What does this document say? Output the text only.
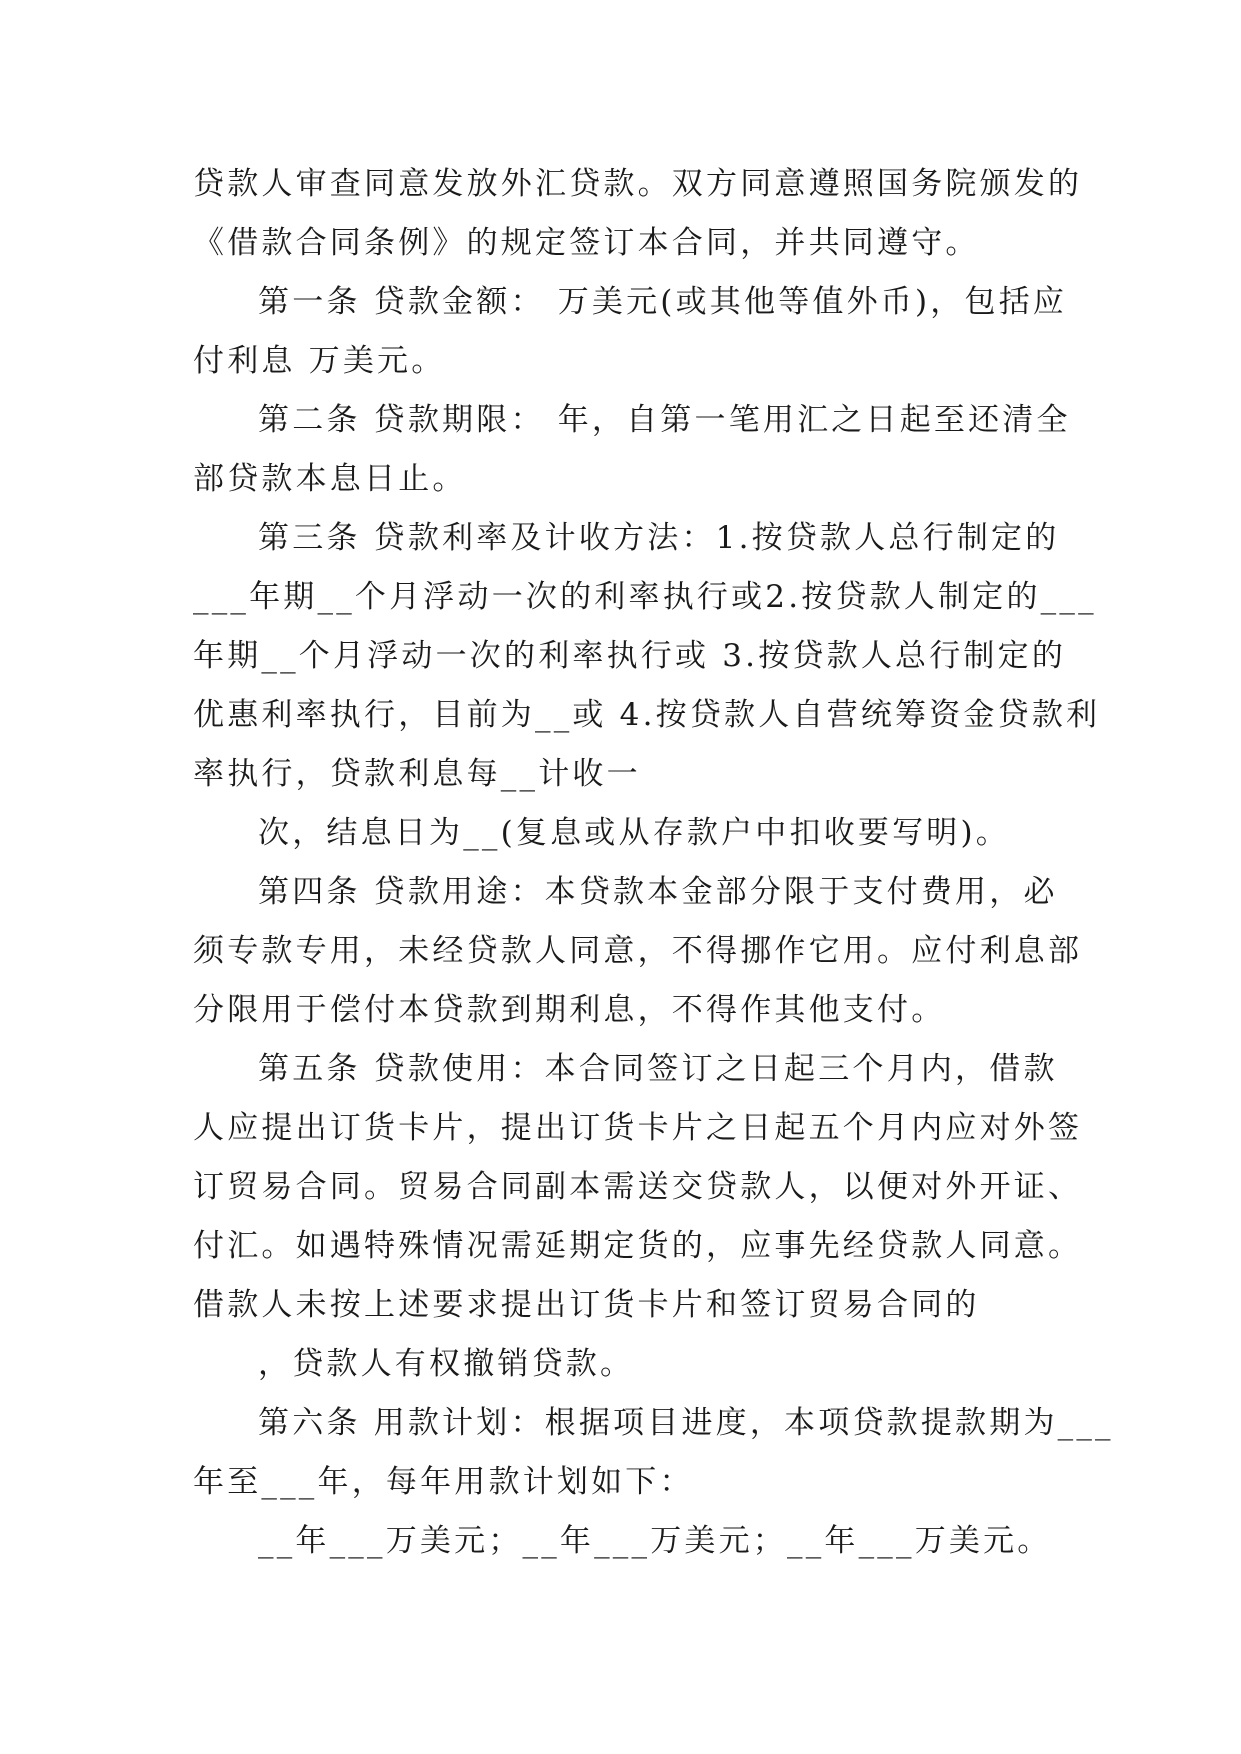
贷款人审查同意发放外汇贷款。双方同意遵照国务院颁发的
《借款合同条例》的规定签订本合同，并共同遵守。
第一条 贷款金额： 万美元(或其他等值外币)，包括应
付利息 万美元。
第二条 贷款期限： 年，自第一笔用汇之日起至还清全
部贷款本息日止。
第三条 贷款利率及计收方法：1.按贷款人总行制定的
___年期__个月浮动一次的利率执行或2.按贷款人制定的___
年期__个月浮动一次的利率执行或 3.按贷款人总行制定的
优惠利率执行，目前为__或 4.按贷款人自营统筹资金贷款利
率执行，贷款利息每__计收一
次，结息日为__(复息或从存款户中扣收要写明)。
第四条 贷款用途：本贷款本金部分限于支付费用，必
须专款专用，未经贷款人同意，不得挪作它用。应付利息部
分限用于偿付本贷款到期利息，不得作其他支付。
第五条 贷款使用：本合同签订之日起三个月内，借款
人应提出订货卡片，提出订货卡片之日起五个月内应对外签
订贸易合同。贸易合同副本需送交贷款人，以便对外开证、
付汇。如遇特殊情况需延期定货的，应事先经贷款人同意。
借款人未按上述要求提出订货卡片和签订贸易合同的
，贷款人有权撤销贷款。
第六条 用款计划：根据项目进度，本项贷款提款期为___
年至___年，每年用款计划如下：
__年___万美元；__年___万美元；__年___万美元。
